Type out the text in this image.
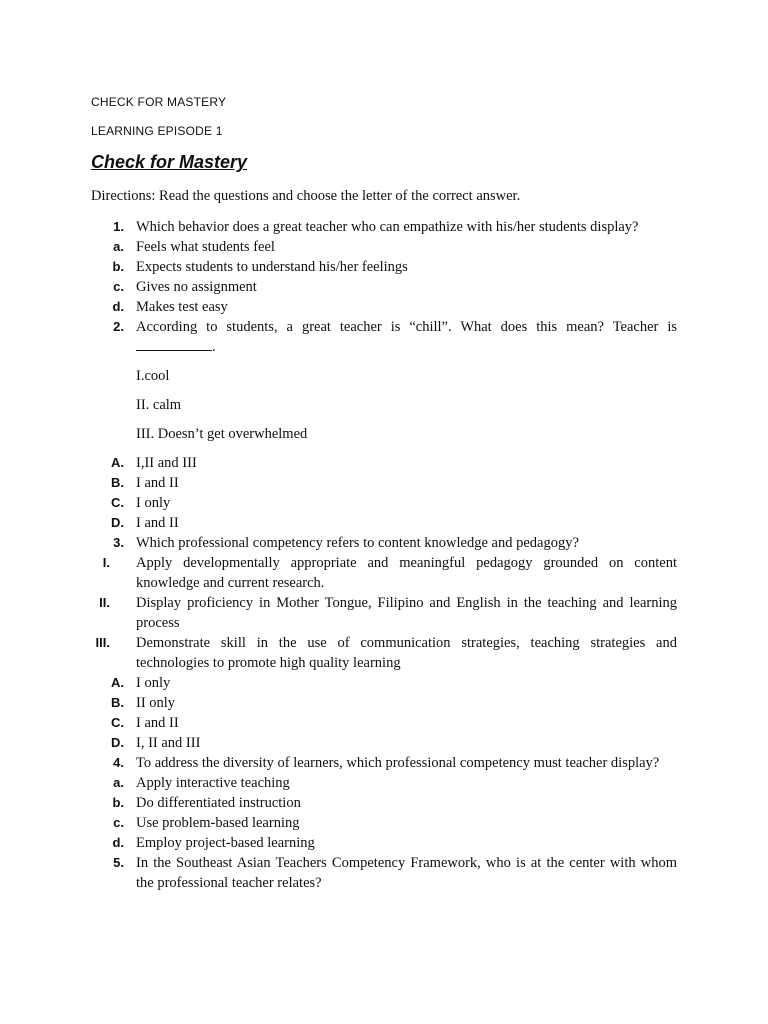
CHECK FOR MASTERY
LEARNING EPISODE 1
Check for Mastery
Directions: Read the questions and choose the letter of the correct answer.
1. Which behavior does a great teacher who can empathize with his/her students display?
a. Feels what students feel
b. Expects students to understand his/her feelings
c. Gives no assignment
d. Makes test easy
2. According to students, a great teacher is “chill”. What does this mean? Teacher is
.
I.cool
II. calm
III. Doesn’t get overwhelmed
A. I,II and III
B. I and II
C. I only
D. I and II
3. Which professional competency refers to content knowledge and pedagogy?
I. Apply developmentally appropriate and meaningful pedagogy grounded on content knowledge and current research.
II. Display proficiency in Mother Tongue, Filipino and English in the teaching and learning process
III. Demonstrate skill in the use of communication strategies, teaching strategies and technologies to promote high quality learning
A. I only
B. II only
C. I and II
D. I, II and III
4. To address the diversity of learners, which professional competency must teacher display?
a. Apply interactive teaching
b. Do differentiated instruction
c. Use problem-based learning
d. Employ project-based learning
5. In the Southeast Asian Teachers Competency Framework, who is at the center with whom the professional teacher relates?
